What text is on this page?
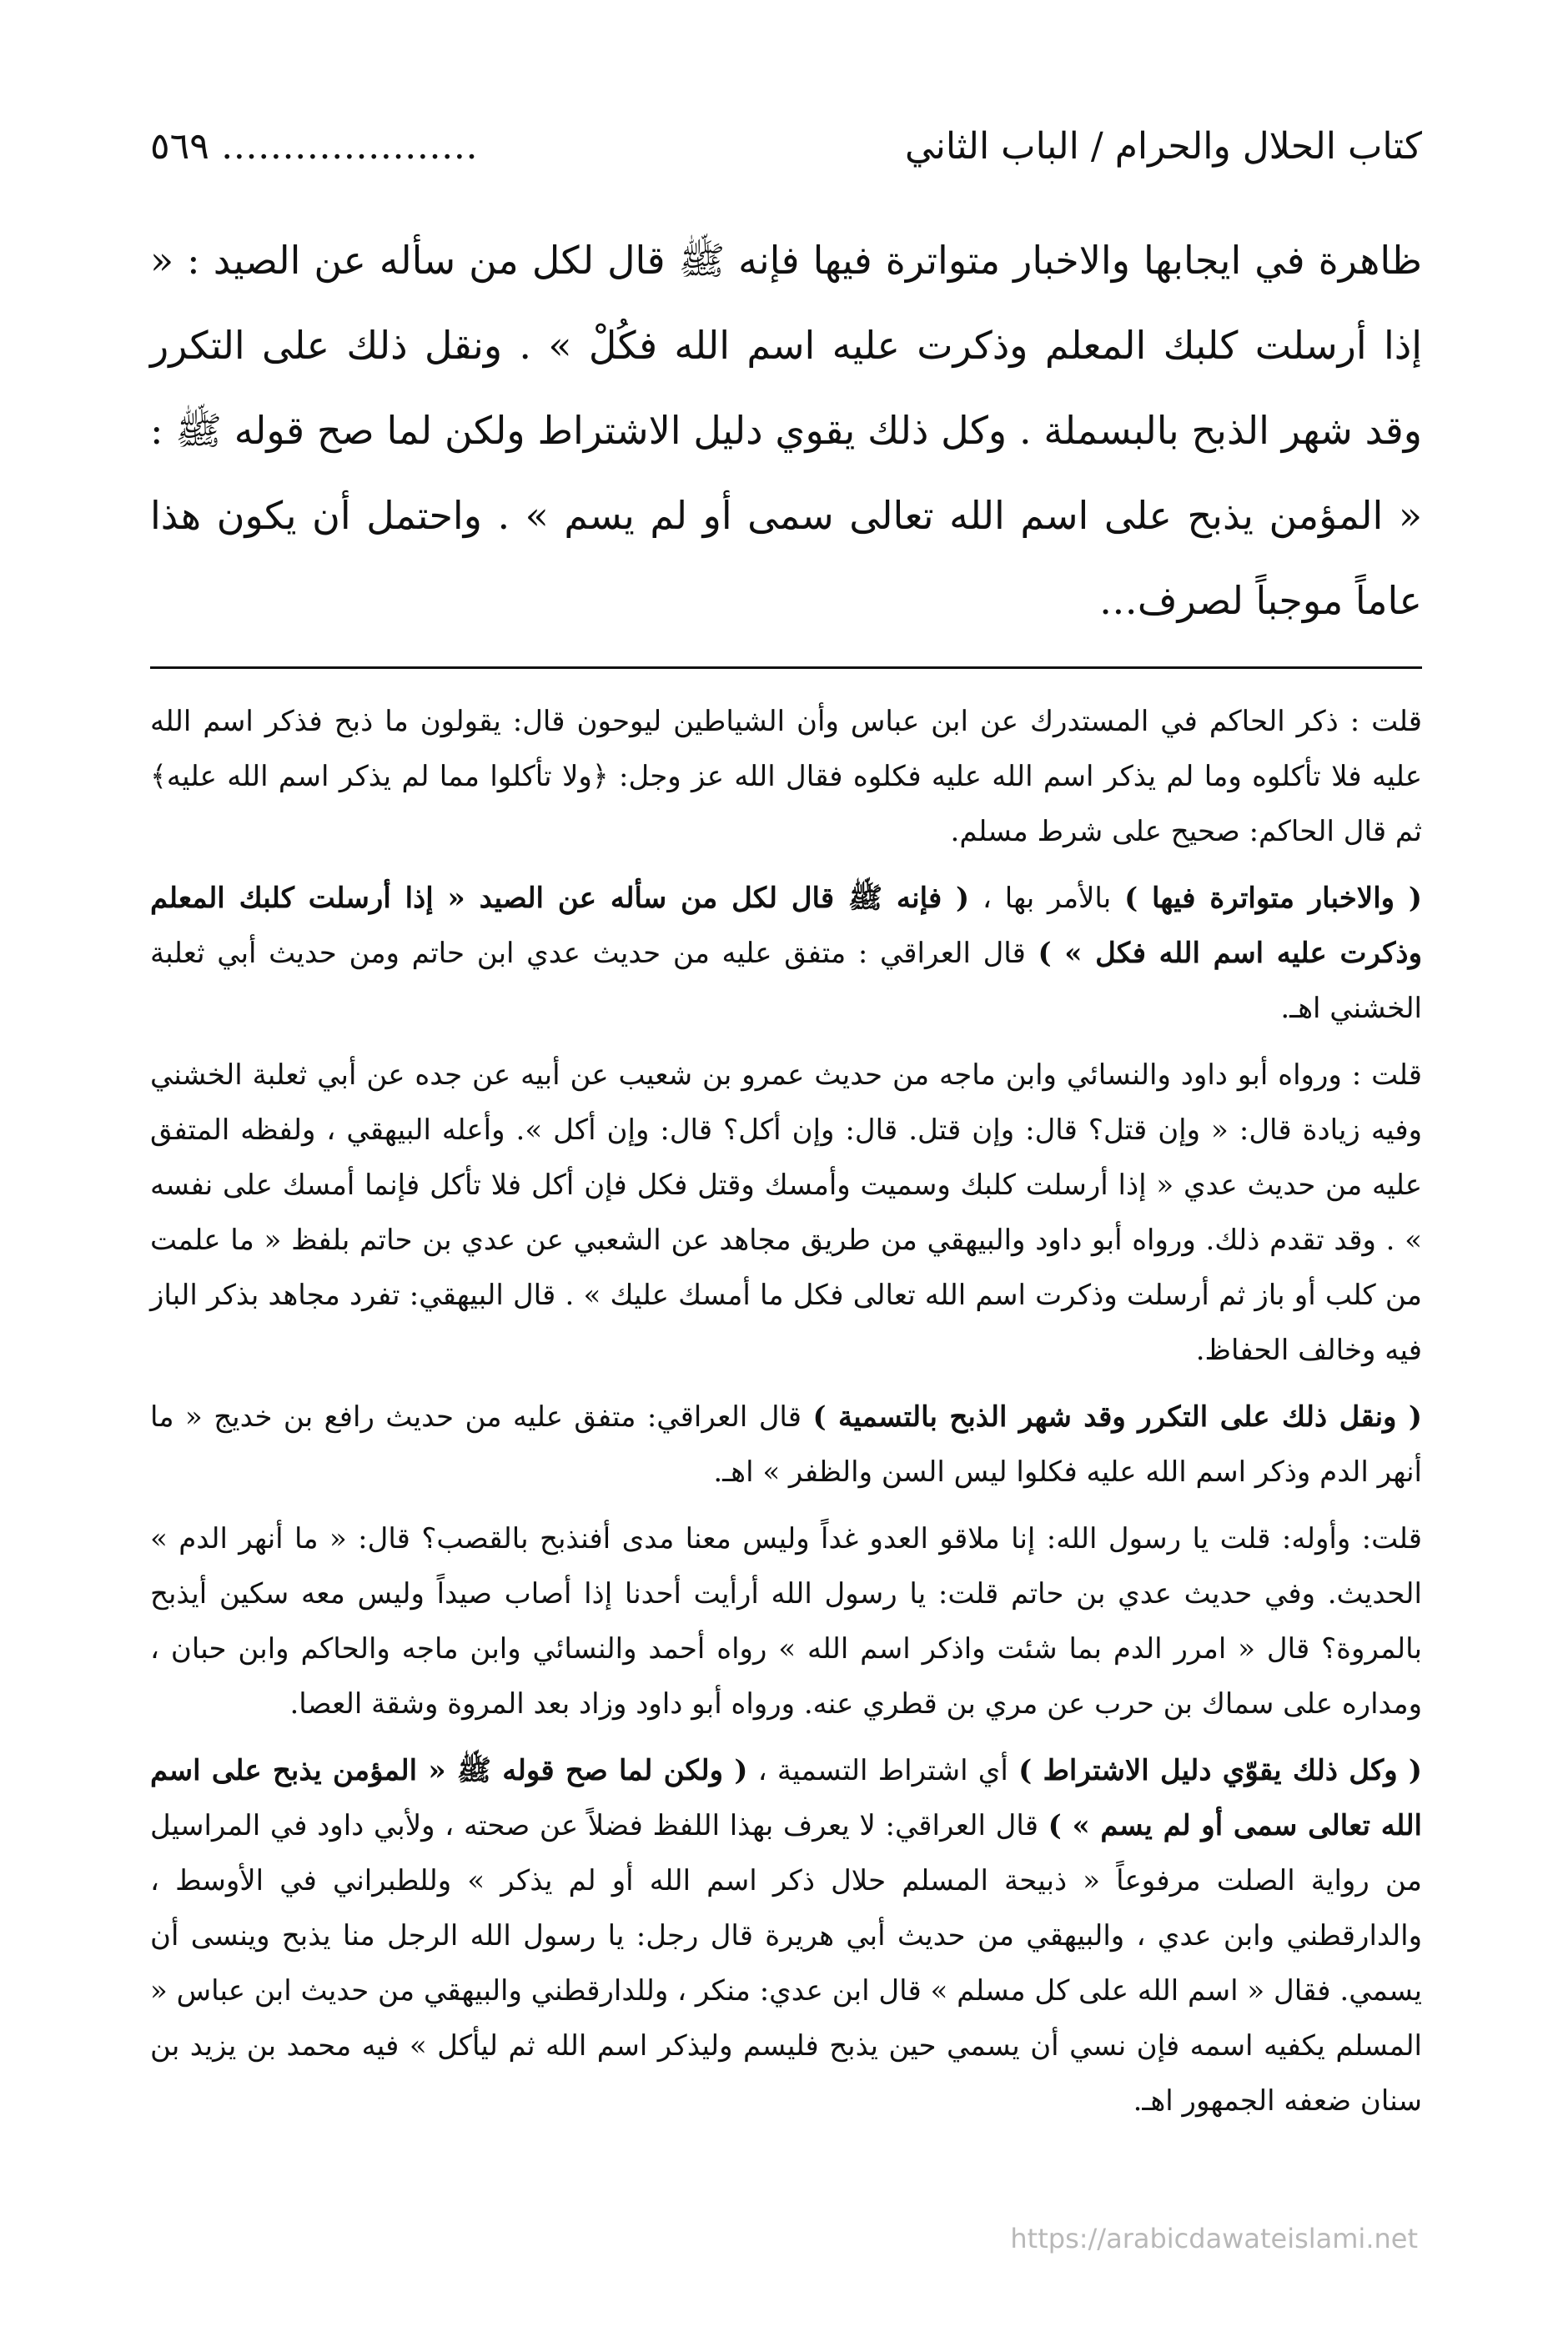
كتاب الحلال والحرام / الباب الثاني
………………… ٥٦٩

ظاهرة في ايجابها والاخبار متواترة فيها فإنه ﷺ قال لكل من سأله عن الصيد : « إذا أرسلت كلبك المعلم وذكرت عليه اسم الله فكُلْ » . ونقل ذلك على التكرر وقد شهر الذبح بالبسملة . وكل ذلك يقوي دليل الاشتراط ولكن لما صح قوله ﷺ : « المؤمن يذبح على اسم الله تعالى سمى أو لم يسم » . واحتمل أن يكون هذا عاماً موجباً لصرف…

قلت : ذكر الحاكم في المستدرك عن ابن عباس وأن الشياطين ليوحون قال: يقولون ما ذبح فذكر اسم الله عليه فلا تأكلوه وما لم يذكر اسم الله عليه فكلوه فقال الله عز وجل: ﴿ولا تأكلوا مما لم يذكر اسم الله عليه﴾ ثم قال الحاكم: صحيح على شرط مسلم.

( والاخبار متواترة فيها ) بالأمر بها ، ( فإنه ﷺ قال لكل من سأله عن الصيد « إذا أرسلت كلبك المعلم وذكرت عليه اسم الله فكل » ) قال العراقي : متفق عليه من حديث عدي ابن حاتم ومن حديث أبي ثعلبة الخشني اهـ.

قلت : ورواه أبو داود والنسائي وابن ماجه من حديث عمرو بن شعيب عن أبيه عن جده عن أبي ثعلبة الخشني وفيه زيادة قال: « وإن قتل؟ قال: وإن قتل. قال: وإن أكل؟ قال: وإن أكل ». وأعله البيهقي ، ولفظه المتفق عليه من حديث عدي « إذا أرسلت كلبك وسميت وأمسك وقتل فكل فإن أكل فلا تأكل فإنما أمسك على نفسه » . وقد تقدم ذلك. ورواه أبو داود والبيهقي من طريق مجاهد عن الشعبي عن عدي بن حاتم بلفظ « ما علمت من كلب أو باز ثم أرسلت وذكرت اسم الله تعالى فكل ما أمسك عليك » . قال البيهقي: تفرد مجاهد بذكر الباز فيه وخالف الحفاظ.

( ونقل ذلك على التكرر وقد شهر الذبح بالتسمية ) قال العراقي: متفق عليه من حديث رافع بن خديج « ما أنهر الدم وذكر اسم الله عليه فكلوا ليس السن والظفر » اهـ.

قلت: وأوله: قلت يا رسول الله: إنا ملاقو العدو غداً وليس معنا مدى أفنذبح بالقصب؟ قال: « ما أنهر الدم » الحديث. وفي حديث عدي بن حاتم قلت: يا رسول الله أرأيت أحدنا إذا أصاب صيداً وليس معه سكين أيذبح بالمروة؟ قال « امرر الدم بما شئت واذكر اسم الله » رواه أحمد والنسائي وابن ماجه والحاكم وابن حبان ، ومداره على سماك بن حرب عن مري بن قطري عنه. ورواه أبو داود وزاد بعد المروة وشقة العصا.

( وكل ذلك يقوّي دليل الاشتراط ) أي اشتراط التسمية ، ( ولكن لما صح قوله ﷺ « المؤمن يذبح على اسم الله تعالى سمى أو لم يسم » ) قال العراقي: لا يعرف بهذا اللفظ فضلاً عن صحته ، ولأبي داود في المراسيل من رواية الصلت مرفوعاً « ذبيحة المسلم حلال ذكر اسم الله أو لم يذكر » وللطبراني في الأوسط ، والدارقطني وابن عدي ، والبيهقي من حديث أبي هريرة قال رجل: يا رسول الله الرجل منا يذبح وينسى أن يسمي. فقال « اسم الله على كل مسلم » قال ابن عدي: منكر ، وللدارقطني والبيهقي من حديث ابن عباس « المسلم يكفيه اسمه فإن نسي أن يسمي حين يذبح فليسم وليذكر اسم الله ثم ليأكل » فيه محمد بن يزيد بن سنان ضعفه الجمهور اهـ.

https://arabicdawateislami.net
